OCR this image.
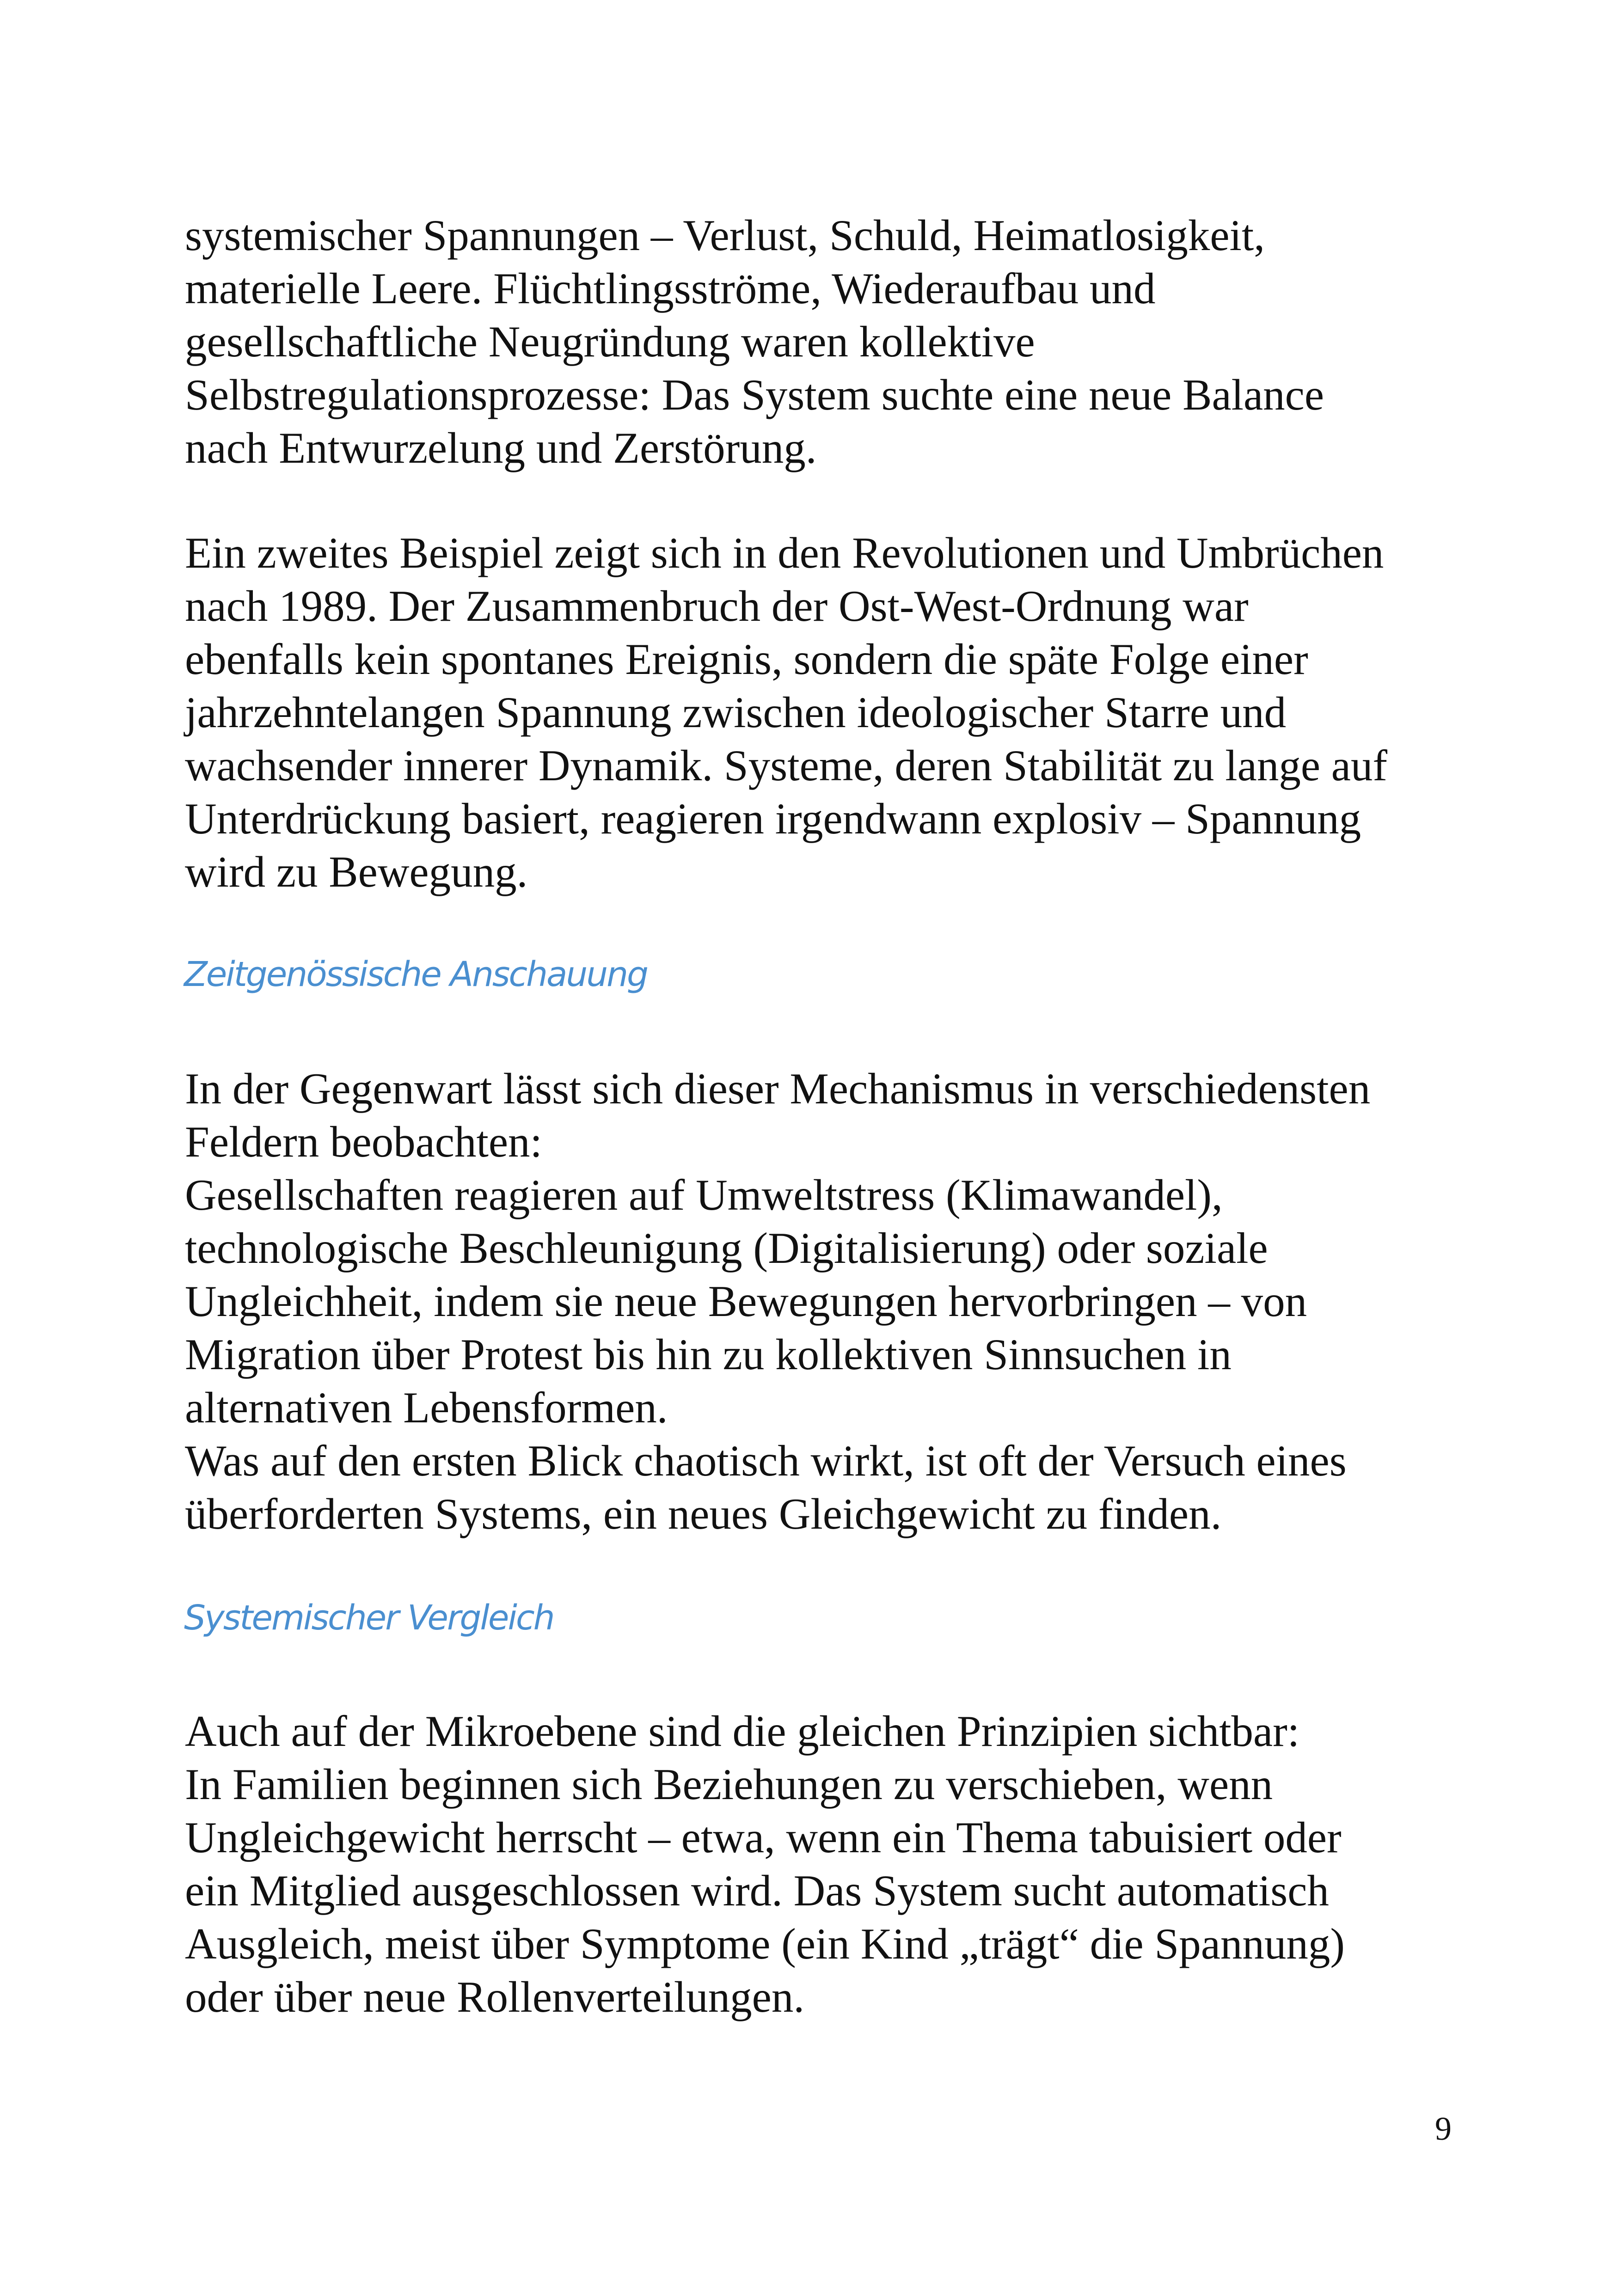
systemischer Spannungen – Verlust, Schuld, Heimatlosigkeit,
materielle Leere. Flüchtlingsströme, Wiederaufbau und
gesellschaftliche Neugründung waren kollektive
Selbstregulationsprozesse: Das System suchte eine neue Balance
nach Entwurzelung und Zerstörung.

Ein zweites Beispiel zeigt sich in den Revolutionen und Umbrüchen
nach 1989. Der Zusammenbruch der Ost-West-Ordnung war
ebenfalls kein spontanes Ereignis, sondern die späte Folge einer
jahrzehntelangen Spannung zwischen ideologischer Starre und
wachsender innerer Dynamik. Systeme, deren Stabilität zu lange auf
Unterdrückung basiert, reagieren irgendwann explosiv – Spannung
wird zu Bewegung.

Zeitgenössische Anschauung

In der Gegenwart lässt sich dieser Mechanismus in verschiedensten
Feldern beobachten:
Gesellschaften reagieren auf Umweltstress (Klimawandel),
technologische Beschleunigung (Digitalisierung) oder soziale
Ungleichheit, indem sie neue Bewegungen hervorbringen – von
Migration über Protest bis hin zu kollektiven Sinnsuchen in
alternativen Lebensformen.
Was auf den ersten Blick chaotisch wirkt, ist oft der Versuch eines
überforderten Systems, ein neues Gleichgewicht zu finden.

Systemischer Vergleich

Auch auf der Mikroebene sind die gleichen Prinzipien sichtbar:
In Familien beginnen sich Beziehungen zu verschieben, wenn
Ungleichgewicht herrscht – etwa, wenn ein Thema tabuisiert oder
ein Mitglied ausgeschlossen wird. Das System sucht automatisch
Ausgleich, meist über Symptome (ein Kind „trägt“ die Spannung)
oder über neue Rollenverteilungen.

9
